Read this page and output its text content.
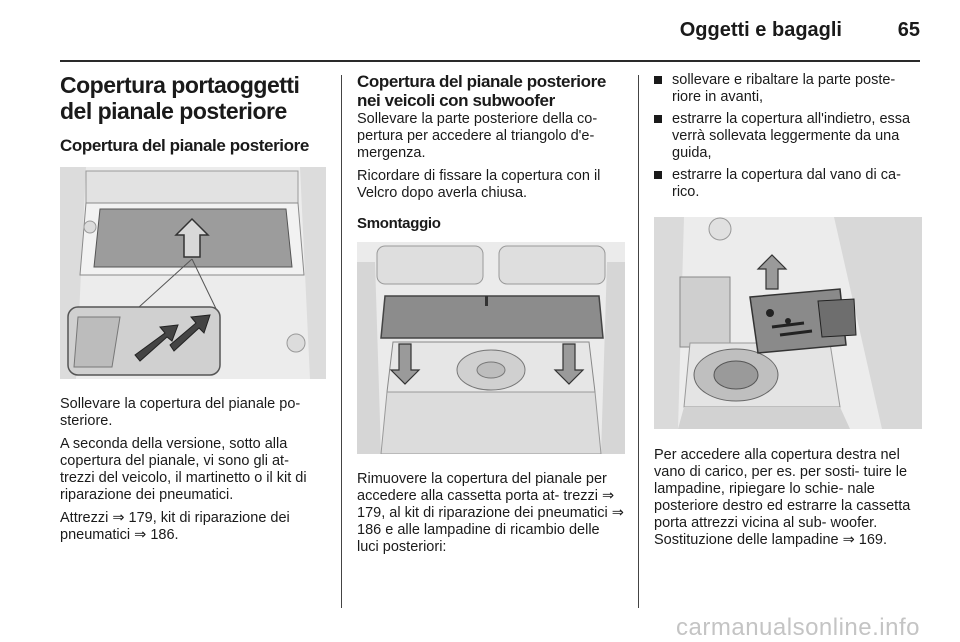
Oggetti e bagagli	65
Copertura portaoggetti del pianale posteriore
Copertura del pianale posteriore

Sollevare la copertura del pianale po- steriore.

A seconda della versione, sotto alla copertura del pianale, vi sono gli at- trezzi del veicolo, il martinetto o il kit di riparazione dei pneumatici.

Attrezzi ⇒ 179, kit di riparazione dei pneumatici ⇒ 186.

Copertura del pianale posteriore nei veicoli con subwoofer

Sollevare la parte posteriore della co- pertura per accedere al triangolo d'e- mergenza.

Ricordare di fissare la copertura con il Velcro dopo averla chiusa.

Smontaggio

Rimuovere la copertura del pianale per accedere alla cassetta porta at- trezzi ⇒ 179, al kit di riparazione dei pneumatici ⇒ 186 e alle lampadine di ricambio delle luci posteriori:

sollevare e ribaltare la parte poste- riore in avanti,
estrarre la copertura all'indietro, essa verrà sollevata leggermente da una guida,
estrarre la copertura dal vano di ca- rico.

Per accedere alla copertura destra nel vano di carico, per es. per sosti- tuire le lampadine, ripiegare lo schie- nale posteriore destro ed estrarre la cassetta porta attrezzi vicina al sub- woofer. Sostituzione delle lampadine ⇒ 169.

carmanualsonline.info
